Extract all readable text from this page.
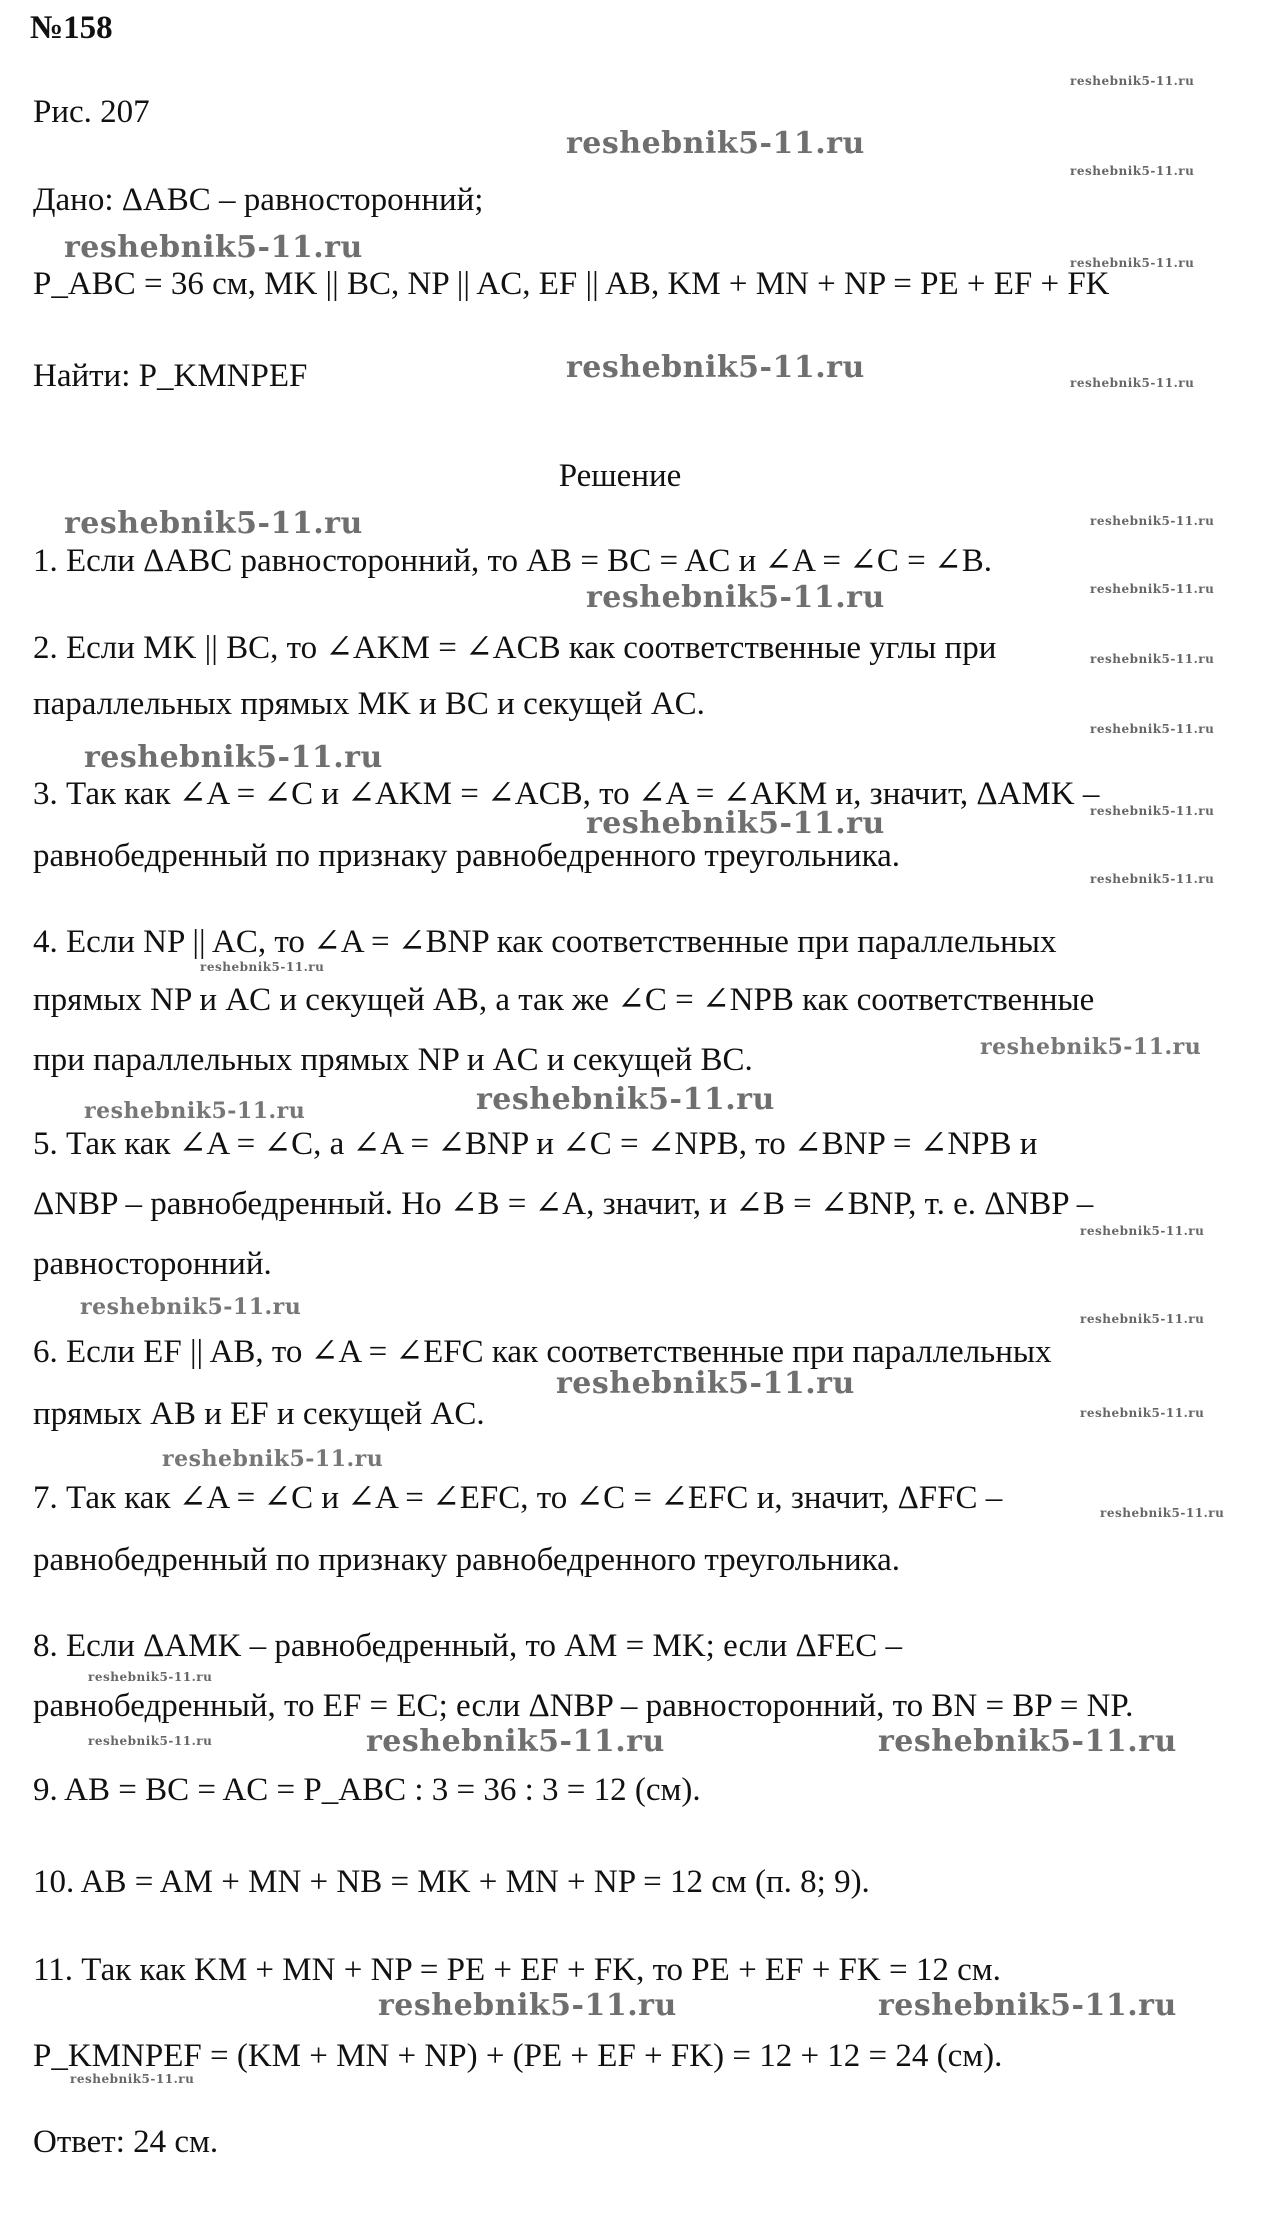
№158
Рис. 207
Дано: ΔABC – равносторонний;
P_ABC = 36 см, MK || BC, NP || AC, EF || AB, KM + MN + NP = PE + EF + FK
Найти: P_KMNPEF
Решение
1. Если ΔABC равносторонний, то AB = BC = AC и ∠A = ∠C = ∠B.
2. Если MK || BC, то ∠AKM = ∠ACB как соответственные углы при
параллельных прямых MK и BC и секущей AC.
3. Так как ∠A = ∠C и ∠AKM = ∠ACB, то ∠A = ∠AKM и, значит, ΔAMK –
равнобедренный по признаку равнобедренного треугольника.
4. Если NP || AC, то ∠A = ∠BNP как соответственные при параллельных
прямых NP и AC и секущей AB, а так же ∠C = ∠NPB как соответственные
при параллельных прямых NP и AC и секущей BC.
5. Так как ∠A = ∠C, а ∠A = ∠BNP и ∠C = ∠NPB, то ∠BNP = ∠NPB и
ΔNBP – равнобедренный. Но ∠B = ∠A, значит, и ∠B = ∠BNP, т. е. ΔNBP –
равносторонний.
6. Если EF || AB, то ∠A = ∠EFC как соответственные при параллельных
прямых AB и EF и секущей AC.
7. Так как ∠A = ∠C и ∠A = ∠EFC, то ∠C = ∠EFC и, значит, ΔFFC –
равнобедренный по признаку равнобедренного треугольника.
8. Если ΔAMK – равнобедренный, то AM = MK; если ΔFEC –
равнобедренный, то EF = EC; если ΔNBP – равносторонний, то BN = BP = NP.
9. AB = BC = AC = P_ABC : 3 = 36 : 3 = 12 (см).
10. AB = AM + MN + NB = MK + MN + NP = 12 см (п. 8; 9).
11. Так как KM + MN + NP = PE + EF + FK, то PE + EF + FK = 12 см.
P_KMNPEF = (KM + MN + NP) + (PE + EF + FK) = 12 + 12 = 24 (см).
Ответ: 24 см.
reshebnik5-11.ru
reshebnik5-11.ru
reshebnik5-11.ru
reshebnik5-11.ru
reshebnik5-11.ru
reshebnik5-11.ru
reshebnik5-11.ru
reshebnik5-11.ru
reshebnik5-11.ru
reshebnik5-11.ru	reshebnik5-11.ru
reshebnik5-11.ru	reshebnik5-11.ru
reshebnik5-11.ru
reshebnik5-11.ru
reshebnik5-11.ru
reshebnik5-11.ru
reshebnik5-11.ru
reshebnik5-11.ru
reshebnik5-11.ru
reshebnik5-11.ru
reshebnik5-11.ru
reshebnik5-11.ru
reshebnik5-11.ru
reshebnik5-11.ru
reshebnik5-11.ru
reshebnik5-11.ru
reshebnik5-11.ru
reshebnik5-11.ru
reshebnik5-11.ru
reshebnik5-11.ru
reshebnik5-11.ru
reshebnik5-11.ru
reshebnik5-11.ru
reshebnik5-11.ru
